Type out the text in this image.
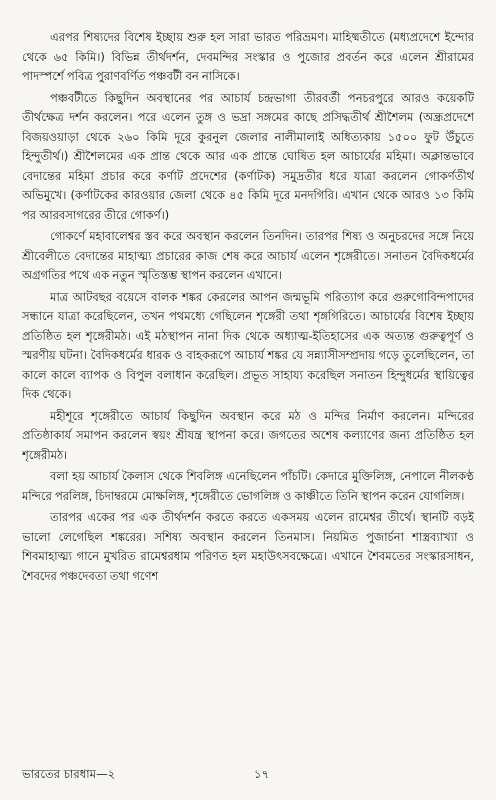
এরপর শিষ্যদের বিশেষ ইচ্ছায় শুরু হল সারা ভারত পরিভ্রমণ। মাহিষ্মতীতে (মধ্যপ্রদেশে ইন্দোর থেকে ৬৫ কিমি।) বিভিন্ন তীর্থদর্শন, দেবমন্দির সংস্কার ও পুজোর প্রবর্তন করে এলেন শ্রীরামের পাদস্পর্শে পবিত্র পুরাণবর্ণিত পঞ্চবটী বন নাসিকে।

পঞ্চবটীতে কিছুদিন অবস্থানের পর আচার্য চন্দ্রভাগা তীরবর্তী পনচরপুরে আরও কয়েকটি তীর্থক্ষেত্র দর্শন করলেন। পরে এলেন তুঙ্গ ও ভদ্রা সঙ্গমের কাছে প্রসিদ্ধতীর্থ শ্রীশৈলম (অন্ধ্রপ্রদেশে বিজয়ওয়াড়া থেকে ২৬০ কিমি দূরে কুরনুল জেলার নালীমালাই অধিত্যকায় ১৫০০ ফুট উঁচুতে হিন্দুতীর্থ।) শ্রীশৈলমের এক প্রান্ত থেকে আর এক প্রান্তে ঘোষিত হল আচার্যের মহিমা। অক্লান্তভাবে বেদান্তের মহিমা প্রচার করে কর্ণাট প্রদেশের (কর্ণাটক) সমুদ্রতীর ধরে যাত্রা করলেন গোকর্ণতীর্থ অভিমুখে। (কর্ণাটকের কারওয়ার জেলা থেকে ৪৫ কিমি দূরে মনদগিরি। এখান থেকে আরও ১৩ কিমি পর আরবসাগরের তীরে গোকর্ণ।)

গোকর্ণে মহাবালেশ্বর স্তব করে অবস্থান করলেন তিনদিন। তারপর শিষ্য ও অনুচরদের সঙ্গে নিয়ে শ্রীবেলীতে বেদান্তের মাহাত্ম্য প্রচারের কাজ শেষ করে আচার্য এলেন শৃঙ্গেরীতে। সনাতন বৈদিকধর্মের অগ্রগতির পথে এক নতুন স্মৃতিস্তম্ভ স্থাপন করলেন এখানে।

মাত্র আটবছর বয়েসে বালক শঙ্কর কেরলের আপন জন্মভূমি পরিত্যাগ করে গুরুগোবিন্দপাদের সন্ধানে যাত্রা করেছিলেন, তখন পথমধ্যে গেছিলেন শৃঙ্গেরী তথা শৃঙ্গগিরিতে। আচার্যের বিশেষ ইচ্ছায় প্রতিষ্ঠিত হল শৃঙ্গেরীমঠ। এই মঠস্থাপন নানা দিক থেকে অধ্যাত্ম-ইতিহাসের এক অত্যন্ত গুরুত্বপূর্ণ ও স্মরণীয় ঘটনা। বৈদিকধর্মের ধারক ও বাহকরূপে আচার্য শঙ্কর যে সন্ন্যাসীসম্প্রদায় গড়ে তুলেছিলেন, তা কালে কালে ব্যাপক ও বিপুল বলাধান করেছিল। প্রভূত সাহায্য করেছিল সনাতন হিন্দুধর্মের স্থায়িত্বের দিক থেকে।

মহীশূরে শৃঙ্গেরীতে আচার্য কিছুদিন অবস্থান করে মঠ ও মন্দির নির্মাণ করলেন। মন্দিরের প্রতিষ্ঠাকার্য সমাপন করলেন স্বয়ং শ্রীযন্ত্র স্থাপনা করে। জগতের অশেষ কল্যাণের জন্য প্রতিষ্ঠিত হল শৃঙ্গেরীমঠ।

বলা হয় আচার্য কৈলাস থেকে শিবলিঙ্গ এনেছিলেন পাঁচটি। কেদারে মুক্তিলিঙ্গ, নেপালে নীলকণ্ঠ মন্দিরে পরলিঙ্গ, চিদাম্বরমে মোক্ষলিঙ্গ, শৃঙ্গেরীতে ভোগলিঙ্গ ও কাঞ্চীতে তিনি স্থাপন করেন যোগলিঙ্গ।

তারপর একের পর এক তীর্থদর্শন করতে করতে একসময় এলেন রামেশ্বর তীর্থে। স্থানটি বড়ই ভালো লেগেছিল শঙ্করের। সশিষ্য অবস্থান করলেন তিনমাস। নিয়মিত পুজার্চনা শাস্ত্রব্যাখ্যা ও শিবমাহাত্ম্য গানে মুখরিত রামেশ্বরধাম পরিণত হল মহাউৎসবক্ষেত্রে। এখানে শৈবমতের সংস্কারসাধন, শৈবদের পঞ্চদেবতা তথা গণেশ

ভারতের চারধাম—২	১৭
